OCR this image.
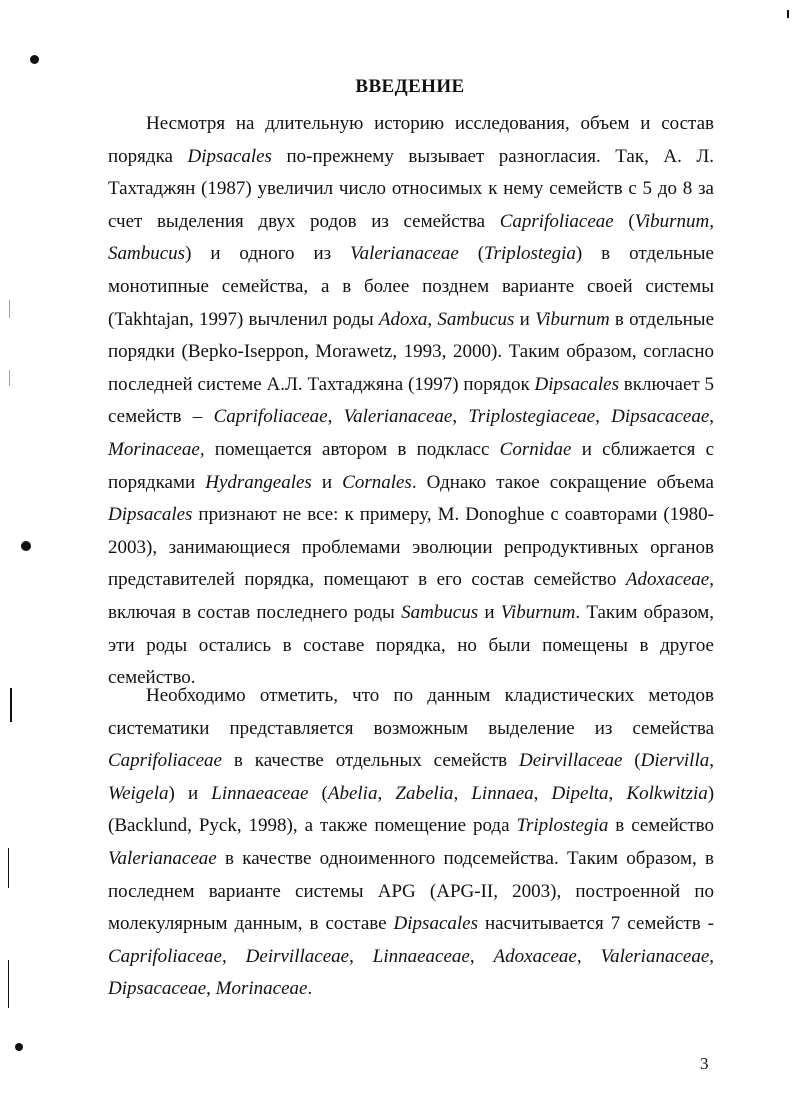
ВВЕДЕНИЕ

Несмотря на длительную историю исследования, объем и состав порядка Dipsacales по-прежнему вызывает разногласия. Так, А. Л. Тахтаджян (1987) увеличил число относимых к нему семейств с 5 до 8 за счет выделения двух родов из семейства Caprifoliaceae (Viburnum, Sambucus) и одного из Valerianaceae (Triplostegia) в отдельные монотипные семейства, а в более позднем варианте своей системы (Takhtajan, 1997) вычленил роды Adoxa, Sambucus и Viburnum в отдельные порядки (Bepko-Iseppon, Morawetz, 1993, 2000). Таким образом, согласно последней системе А.Л. Тахтаджяна (1997) порядок Dipsacales включает 5 семейств – Caprifoliaceae, Valerianaceae, Triplostegiaceae, Dipsacaceae, Morinaceae, помещается автором в подкласс Cornidae и сближается с порядками Hydrangeales и Cornales. Однако такое сокращение объема Dipsacales признают не все: к примеру, M. Donoghue с соавторами (1980-2003), занимающиеся проблемами эволюции репродуктивных органов представителей порядка, помещают в его состав семейство Adoxaceae, включая в состав последнего роды Sambucus и Viburnum. Таким образом, эти роды остались в составе порядка, но были помещены в другое семейство.

Необходимо отметить, что по данным кладистических методов систематики представляется возможным выделение из семейства Caprifoliaceae в качестве отдельных семейств Deirvillaceae (Diervilla, Weigela) и Linnaeaceae (Abelia, Zabelia, Linnaea, Dipelta, Kolkwitzia) (Backlund, Pyck, 1998), а также помещение рода Triplostegia в семейство Valerianaceae в качестве одноименного подсемейства. Таким образом, в последнем варианте системы APG (APG-II, 2003), построенной по молекулярным данным, в составе Dipsacales насчитывается 7 семейств - Caprifoliaceae, Deirvillaceae, Linnaeaceae, Adoxaceae, Valerianaceae, Dipsacaceae, Morinaceae.

3
